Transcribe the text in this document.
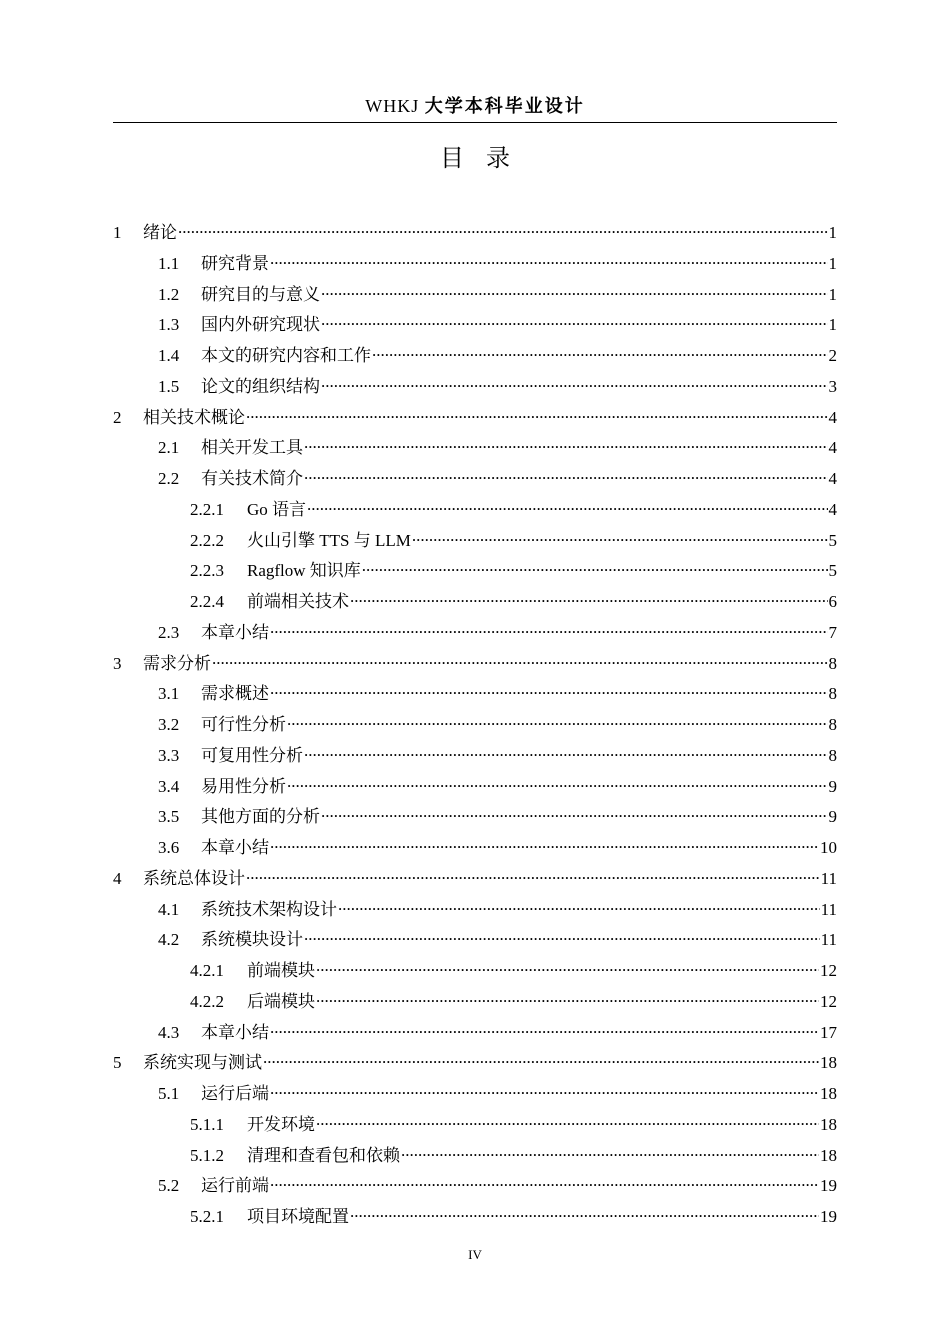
WHKJ 大学本科毕业设计
目录
1	绪论 .....	1
1.1	研究背景 .....	1
1.2	研究目的与意义 .....	1
1.3	国内外研究现状 .....	1
1.4	本文的研究内容和工作 .....	2
1.5	论文的组织结构 .....	3
2	相关技术概论 .....	4
2.1	相关开发工具 .....	4
2.2	有关技术简介 .....	4
2.2.1	Go 语言 .....	4
2.2.2	火山引擎 TTS 与 LLM .....	5
2.2.3	Ragflow 知识库 .....	5
2.2.4	前端相关技术 .....	6
2.3	本章小结 .....	7
3	需求分析 .....	8
3.1	需求概述 .....	8
3.2	可行性分析 .....	8
3.3	可复用性分析 .....	8
3.4	易用性分析 .....	9
3.5	其他方面的分析 .....	9
3.6	本章小结 .....	10
4	系统总体设计 .....	11
4.1	系统技术架构设计 .....	11
4.2	系统模块设计 .....	11
4.2.1	前端模块 .....	12
4.2.2	后端模块 .....	12
4.3	本章小结 .....	17
5	系统实现与测试 .....	18
5.1	运行后端 .....	18
5.1.1	开发环境 .....	18
5.1.2	清理和查看包和依赖 .....	18
5.2	运行前端 .....	19
5.2.1	项目环境配置 .....	19
IV
